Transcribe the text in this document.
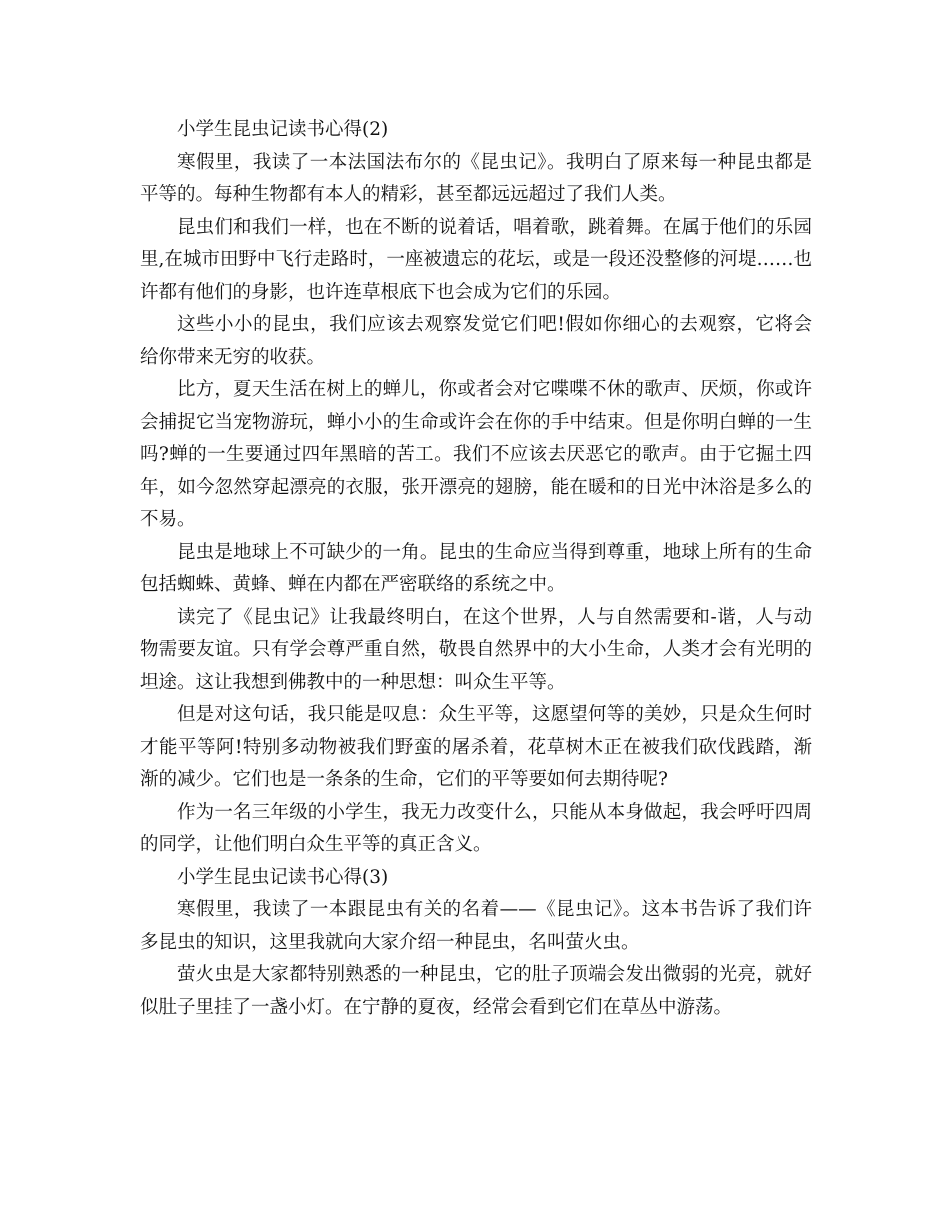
小学生昆虫记读书心得(2)

寒假里，我读了一本法国法布尔的《昆虫记》。我明白了原来每一种昆虫都是平等的。每种生物都有本人的精彩，甚至都远远超过了我们人类。

昆虫们和我们一样，也在不断的说着话，唱着歌，跳着舞。在属于他们的乐园里,在城市田野中飞行走路时，一座被遗忘的花坛，或是一段还没整修的河堤……也许都有他们的身影，也许连草根底下也会成为它们的乐园。

这些小小的昆虫，我们应该去观察发觉它们吧!假如你细心的去观察，它将会给你带来无穷的收获。

比方，夏天生活在树上的蝉儿，你或者会对它喋喋不休的歌声、厌烦，你或许会捕捉它当宠物游玩，蝉小小的生命或许会在你的手中结束。但是你明白蝉的一生吗?蝉的一生要通过四年黑暗的苦工。我们不应该去厌恶它的歌声。由于它掘土四年，如今忽然穿起漂亮的衣服，张开漂亮的翅膀，能在暖和的日光中沐浴是多么的不易。

昆虫是地球上不可缺少的一角。昆虫的生命应当得到尊重，地球上所有的生命包括蜘蛛、黄蜂、蝉在内都在严密联络的系统之中。

读完了《昆虫记》让我最终明白，在这个世界，人与自然需要和-谐，人与动物需要友谊。只有学会尊严重自然，敬畏自然界中的大小生命，人类才会有光明的坦途。这让我想到佛教中的一种思想：叫众生平等。

但是对这句话，我只能是叹息：众生平等，这愿望何等的美妙，只是众生何时才能平等阿!特别多动物被我们野蛮的屠杀着，花草树木正在被我们砍伐践踏，渐渐的减少。它们也是一条条的生命，它们的平等要如何去期待呢?

作为一名三年级的小学生，我无力改变什么，只能从本身做起，我会呼吁四周的同学，让他们明白众生平等的真正含义。

小学生昆虫记读书心得(3)

寒假里，我读了一本跟昆虫有关的名着——《昆虫记》。这本书告诉了我们许多昆虫的知识，这里我就向大家介绍一种昆虫，名叫萤火虫。

萤火虫是大家都特别熟悉的一种昆虫，它的肚子顶端会发出微弱的光亮，就好似肚子里挂了一盏小灯。在宁静的夏夜，经常会看到它们在草丛中游荡。
